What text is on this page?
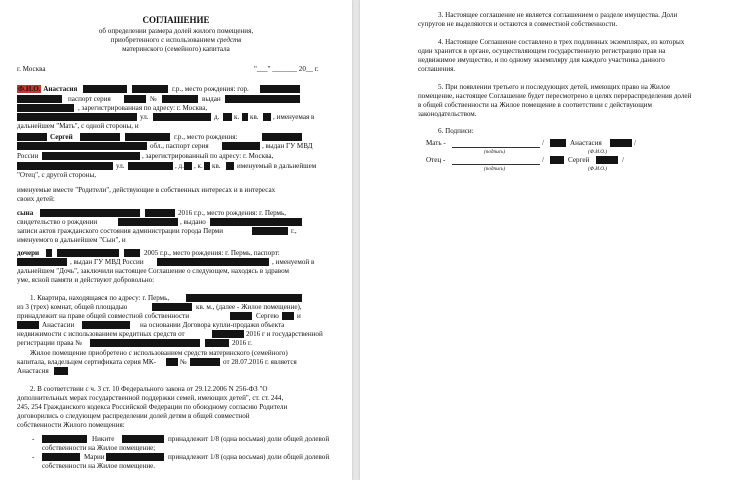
СОГЛАШЕНИЕ
об определении размера долей жилого помещения,
приобретенного с использованием средств
материнского (семейного) капитала
г. Москва	"___" _______ 20__ г.
Ф.И.О. Анастасия	г.р., место рождения: гор.
паспорт серия	№	выдан
, зарегистрированная по адресу: г. Москва,
ул.	д. к. кв. , именуемая в
дальнейшем "Мать", с одной стороны, и
Сергей	г.р., место рождения:
обл., паспорт серия	, выдан ГУ МВД
России	, зарегистрированный по адресу: г. Москва,
ул.	, д. , к. кв. именуемый в дальнейшем
"Отец", с другой стороны,
именуемые вместе "Родители", действующие в собственных интересах и в интересах
своих детей:
сына	2016 г.р., место рождения: г. Пермь,
свидетельство о рождении	, выдано
записи актов гражданского состояния администрации города Перми	г.,
именуемого в дальнейшем "Сын", и
дочери	2005 г.р., место рождения: г. Пермь, паспорт:
, выдан ГУ МВД России	, именуемой в
дальнейшем "Дочь", заключили настоящее Соглашение о следующем, находясь в здравом
уме, ясной памяти и действуют добровольно:
1. Квартира, находящаяся по адресу: г. Пермь,
из 3 (трех) комнат, общей площадью	кв. м., (далее - Жилое помещение),
принадлежит на праве общей совместной собственности	Сергею	и
Анастасии	на основании Договора купли-продажи объекта
недвижимости с использованием кредитных средств от	2016 г и государственной
регистрации права №	2016 г.
Жилое помещение приобретено с использованием средств материнского (семейного)
капитала, владельцем сертификата серия МК-	№	от 28.07.2016 г. является
Анастасия
2. В соответствии с ч. 3 ст. 10 Федерального закона от 29.12.2006 N 256-ФЗ "О
дополнительных мерах государственной поддержки семей, имеющих детей", ст. ст. 244,
245, 254 Гражданского кодекса Российской Федерации по обоюдному согласию Родители
договорились о следующем распределении долей детям в общей совместной
собственности Жилого помещения:
-	Никите	принадлежит 1/8 (одна восьмая) доли общей долевой
собственности на Жилое помещение;
-	Марии	принадлежит 1/8 (одна восьмая) доли общей долевой
собственности на Жилое помещение.
3. Настоящее соглашение не является соглашением о разделе имущества. Доли
супругов не выделяются и остаются в совместной собственности.
4. Настоящее Соглашение составлено в трех подлинных экземплярах, из которых
один хранится в органе, осуществляющем государственную регистрацию прав на
недвижимое имущество, и по одному экземпляру для каждого участника данного
соглашения.
5. При появлении третьего и последующих детей, имеющих право на Жилое
помещение, настоящее Соглашение будет пересмотрено в целях перераспределения долей
в общей собственности на Жилое помещение в соответствии с действующим
законодательством.
6. Подписи:
Мать -	/	Анастасия	/
(подпись)	(Ф.И.О.)
Отец -	/	Сергей	/
(подпись)	(Ф.И.О.)
